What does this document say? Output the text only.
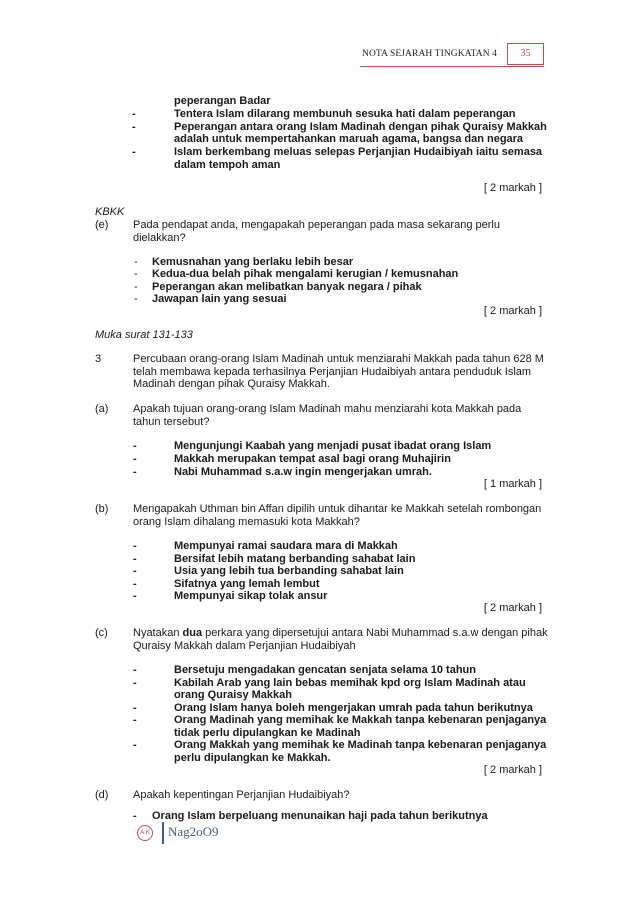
NOTA SEJARAH TINGKATAN 4	35
peperangan Badar
-	Tentera Islam dilarang membunuh sesuka hati dalam peperangan
-	Peperangan antara orang Islam Madinah dengan pihak Quraisy Makkah
adalah untuk mempertahankan maruah agama, bangsa dan negara
-	Islam berkembang meluas selepas Perjanjian Hudaibiyah iaitu semasa
dalam tempoh aman
[ 2 markah ]
KBKK
(e) Pada pendapat anda, mengapakah peperangan pada masa sekarang perlu
dielakkan?
- Kemusnahan yang berlaku lebih besar
- Kedua-dua belah pihak mengalami kerugian / kemusnahan
- Peperangan akan melibatkan banyak negara / pihak
- Jawapan lain yang sesuai
[ 2 markah ]
Muka surat 131-133
3	Percubaan orang-orang Islam Madinah untuk menziarahi Makkah pada tahun 628 M
telah membawa kepada terhasilnya Perjanjian Hudaibiyah antara penduduk Islam
Madinah dengan pihak Quraisy Makkah.
(a) Apakah tujuan orang-orang Islam Madinah mahu menziarahi kota Makkah pada
tahun tersebut?
-	Mengunjungi Kaabah yang menjadi pusat ibadat orang Islam
-	Makkah merupakan tempat asal bagi orang Muhajirin
-	Nabi Muhammad s.a.w ingin mengerjakan umrah.
[ 1 markah ]
(b) Mengapakah Uthman bin Affan dipilih untuk dihantar ke Makkah setelah rombongan
orang Islam dihalang memasuki kota Makkah?
-	Mempunyai ramai saudara mara di Makkah
-	Bersifat lebih matang berbanding sahabat lain
-	Usia yang lebih tua berbanding sahabat lain
-	Sifatnya yang lemah lembut
-	Mempunyai sikap tolak ansur
[ 2 markah ]
(c) Nyatakan dua perkara yang dipersetujui antara Nabi Muhammad s.a.w dengan pihak
Quraisy Makkah dalam Perjanjian Hudaibiyah
-	Bersetuju mengadakan gencatan senjata selama 10 tahun
-	Kabilah Arab yang lain bebas memihak kpd org Islam Madinah atau
orang Quraisy Makkah
-	Orang Islam hanya boleh mengerjakan umrah pada tahun berikutnya
-	Orang Madinah yang memihak ke Makkah tanpa kebenaran penjaganya
tidak perlu dipulangkan ke Madinah
-	Orang Makkah yang memihak ke Madinah tanpa kebenaran penjaganya
perlu dipulangkan ke Makkah.
[ 2 markah ]
(d) Apakah kepentingan Perjanjian Hudaibiyah?
- Orang Islam berpeluang menunaikan haji pada tahun berikutnya
A.K Nag2oO9
